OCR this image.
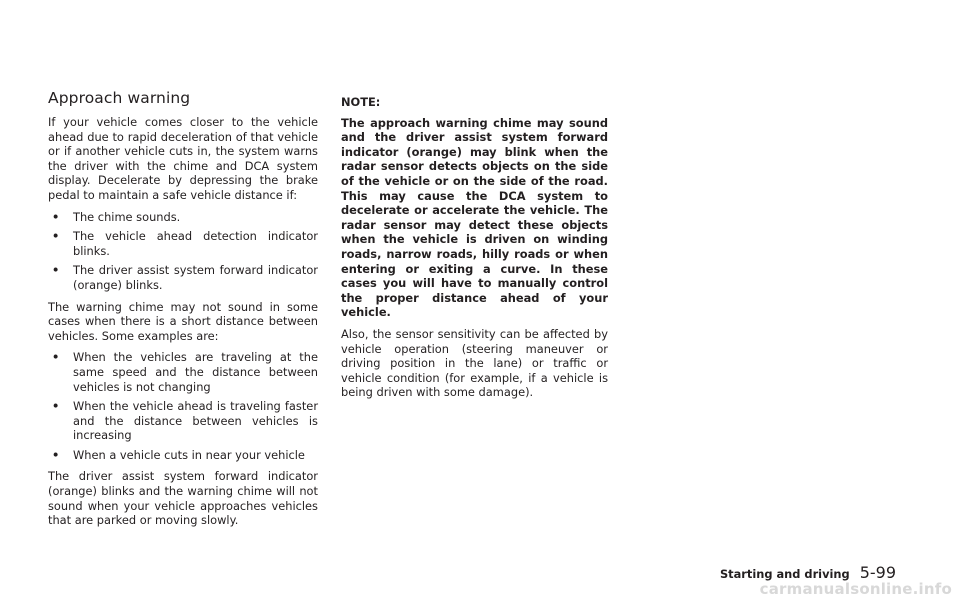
Approach warning

If your vehicle comes closer to the vehicle ahead due to rapid deceleration of that vehicle or if another vehicle cuts in, the system warns the driver with the chime and DCA system display. Decelerate by depressing the brake pedal to maintain a safe vehicle distance if:

• The chime sounds.
• The vehicle ahead detection indicator blinks.
• The driver assist system forward indicator (orange) blinks.

The warning chime may not sound in some cases when there is a short distance between vehicles. Some examples are:

• When the vehicles are traveling at the same speed and the distance between vehicles is not changing
• When the vehicle ahead is traveling faster and the distance between vehicles is increasing
• When a vehicle cuts in near your vehicle

The driver assist system forward indicator (orange) blinks and the warning chime will not sound when your vehicle approaches vehicles that are parked or moving slowly.

NOTE:

The approach warning chime may sound and the driver assist system forward indicator (orange) may blink when the radar sensor detects objects on the side of the vehicle or on the side of the road. This may cause the DCA system to decelerate or accelerate the vehicle. The radar sensor may detect these objects when the vehicle is driven on winding roads, narrow roads, hilly roads or when entering or exiting a curve. In these cases you will have to manually control the proper distance ahead of your vehicle.

Also, the sensor sensitivity can be affected by vehicle operation (steering maneuver or driving position in the lane) or traffic or vehicle condition (for example, if a vehicle is being driven with some damage).

Starting and driving 5-99
carmanualsonline.info
